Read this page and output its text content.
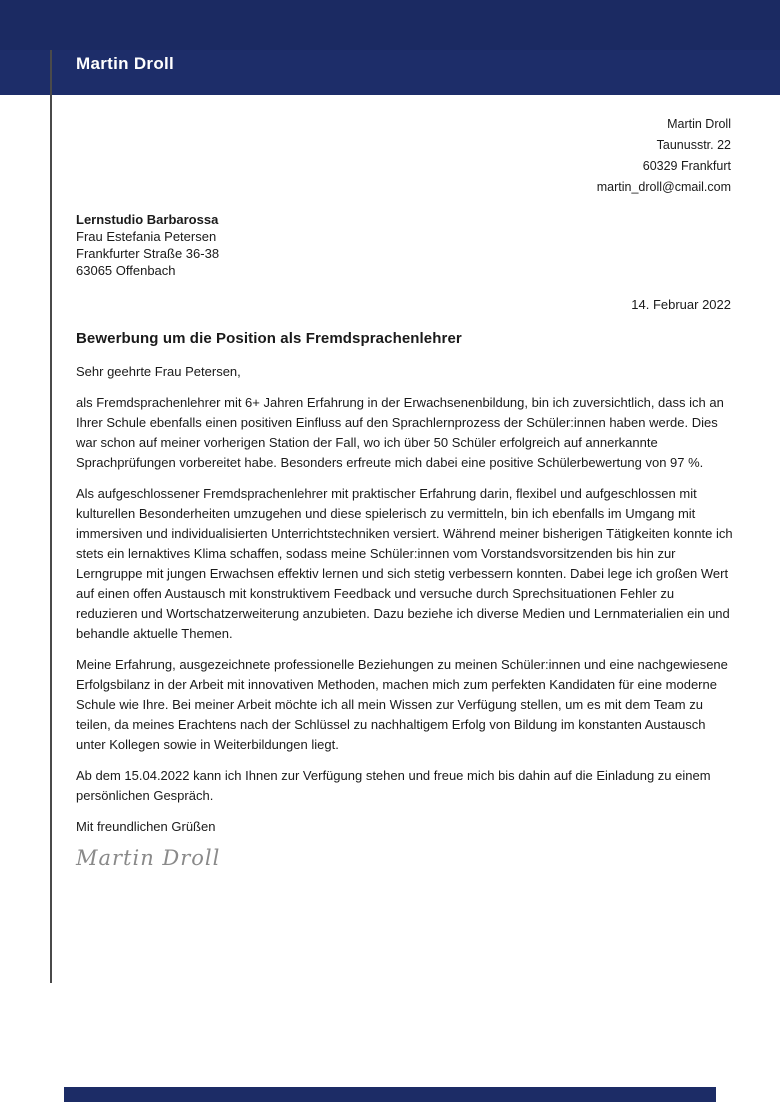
Martin Droll
Martin Droll
Taunusstr. 22
60329 Frankfurt
martin_droll@cmail.com
Lernstudio Barbarossa
Frau Estefania Petersen
Frankfurter Straße 36-38
63065 Offenbach
14. Februar 2022
Bewerbung um die Position als Fremdsprachenlehrer

Sehr geehrte Frau Petersen,

als Fremdsprachenlehrer mit 6+ Jahren Erfahrung in der Erwachsenenbildung, bin ich zuversichtlich, dass ich an Ihrer Schule ebenfalls einen positiven Einfluss auf den Sprachlernprozess der Schüler:innen haben werde. Dies war schon auf meiner vorherigen Station der Fall, wo ich über 50 Schüler erfolgreich auf annerkannte Sprachprüfungen vorbereitet habe. Besonders erfreute mich dabei eine positive Schülerbewertung von 97 %.

Als aufgeschlossener Fremdsprachenlehrer mit praktischer Erfahrung darin, flexibel und aufgeschlossen mit kulturellen Besonderheiten umzugehen und diese spielerisch zu vermitteln, bin ich ebenfalls im Umgang mit immersiven und individualisierten Unterrichtstechniken versiert. Während meiner bisherigen Tätigkeiten konnte ich stets ein lernaktives Klima schaffen, sodass meine Schüler:innen vom Vorstandsvorsitzenden bis hin zur Lerngruppe mit jungen Erwachsen effektiv lernen und sich stetig verbessern konnten. Dabei lege ich großen Wert auf einen offen Austausch mit konstruktivem Feedback und versuche durch Sprechsituationen Fehler zu reduzieren und Wortschatzerweiterung anzubieten. Dazu beziehe ich diverse Medien und Lernmaterialien ein und behandle aktuelle Themen.

Meine Erfahrung, ausgezeichnete professionelle Beziehungen zu meinen Schüler:innen und eine nachgewiesene Erfolgsbilanz in der Arbeit mit innovativen Methoden, machen mich zum perfekten Kandidaten für eine moderne Schule wie Ihre. Bei meiner Arbeit möchte ich all mein Wissen zur Verfügung stellen, um es mit dem Team zu teilen, da meines Erachtens nach der Schlüssel zu nachhaltigem Erfolg von Bildung im konstanten Austausch unter Kollegen sowie in Weiterbildungen liegt.

Ab dem 15.04.2022 kann ich Ihnen zur Verfügung stehen und freue mich bis dahin auf die Einladung zu einem persönlichen Gespräch.

Mit freundlichen Grüßen

Martin Droll
